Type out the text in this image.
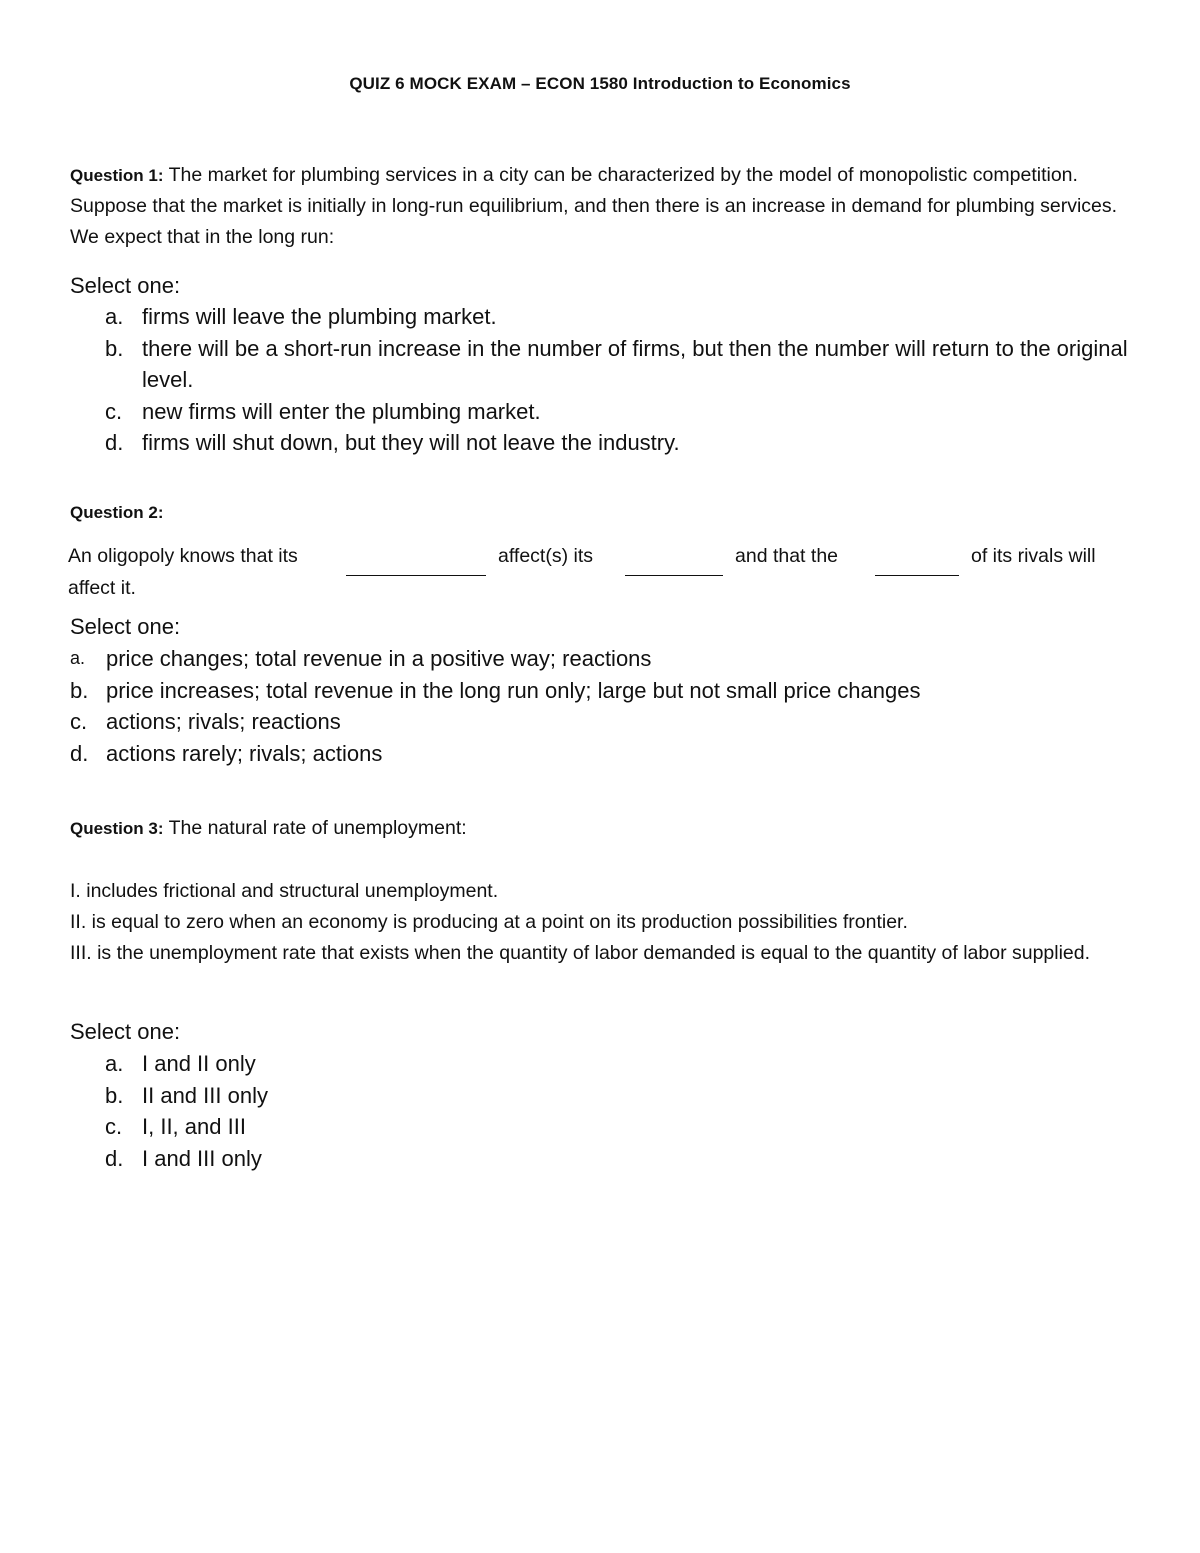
QUIZ 6 MOCK EXAM – ECON 1580 Introduction to Economics
Question 1: The market for plumbing services in a city can be characterized by the model of monopolistic competition. Suppose that the market is initially in long-run equilibrium, and then there is an increase in demand for plumbing services. We expect that in the long run:
Select one:
a. firms will leave the plumbing market.
b. there will be a short-run increase in the number of firms, but then the number will return to the original level.
c. new firms will enter the plumbing market.
d. firms will shut down, but they will not leave the industry.
Question 2:
An oligopoly knows that its	affect(s) its	and that the	of its rivals will
affect it.
Select one:
a. price changes; total revenue in a positive way; reactions
b. price increases; total revenue in the long run only; large but not small price changes
c. actions; rivals; reactions
d. actions rarely; rivals; actions
Question 3: The natural rate of unemployment:
I. includes frictional and structural unemployment.
II. is equal to zero when an economy is producing at a point on its production possibilities frontier.
III. is the unemployment rate that exists when the quantity of labor demanded is equal to the quantity of labor supplied.
Select one:
a. I and II only
b. II and III only
c. I, II, and III
d. I and III only
